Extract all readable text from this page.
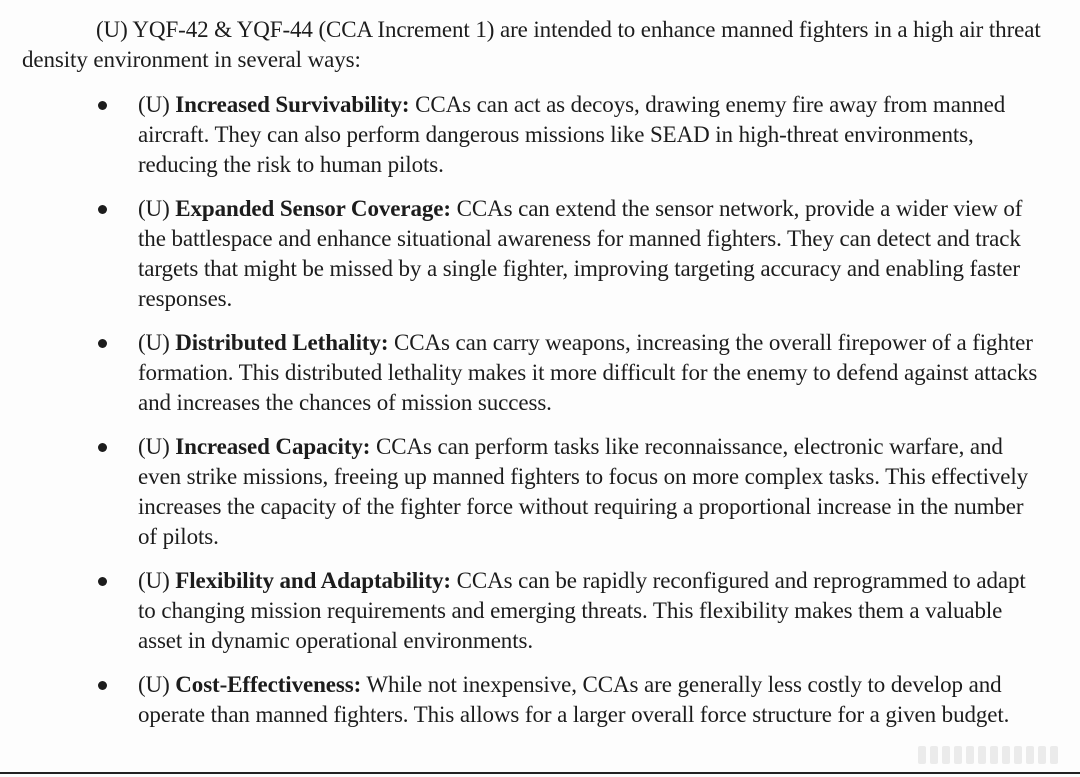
(U) YQF-42 & YQF-44 (CCA Increment 1) are intended to enhance manned fighters in a high air threat density environment in several ways:

(U) Increased Survivability: CCAs can act as decoys, drawing enemy fire away from manned aircraft. They can also perform dangerous missions like SEAD in high-threat environments, reducing the risk to human pilots.
(U) Expanded Sensor Coverage: CCAs can extend the sensor network, provide a wider view of the battlespace and enhance situational awareness for manned fighters. They can detect and track targets that might be missed by a single fighter, improving targeting accuracy and enabling faster responses.
(U) Distributed Lethality: CCAs can carry weapons, increasing the overall firepower of a fighter formation. This distributed lethality makes it more difficult for the enemy to defend against attacks and increases the chances of mission success.
(U) Increased Capacity: CCAs can perform tasks like reconnaissance, electronic warfare, and even strike missions, freeing up manned fighters to focus on more complex tasks. This effectively increases the capacity of the fighter force without requiring a proportional increase in the number of pilots.
(U) Flexibility and Adaptability: CCAs can be rapidly reconfigured and reprogrammed to adapt to changing mission requirements and emerging threats. This flexibility makes them a valuable asset in dynamic operational environments.
(U) Cost-Effectiveness: While not inexpensive, CCAs are generally less costly to develop and operate than manned fighters. This allows for a larger overall force structure for a given budget.
